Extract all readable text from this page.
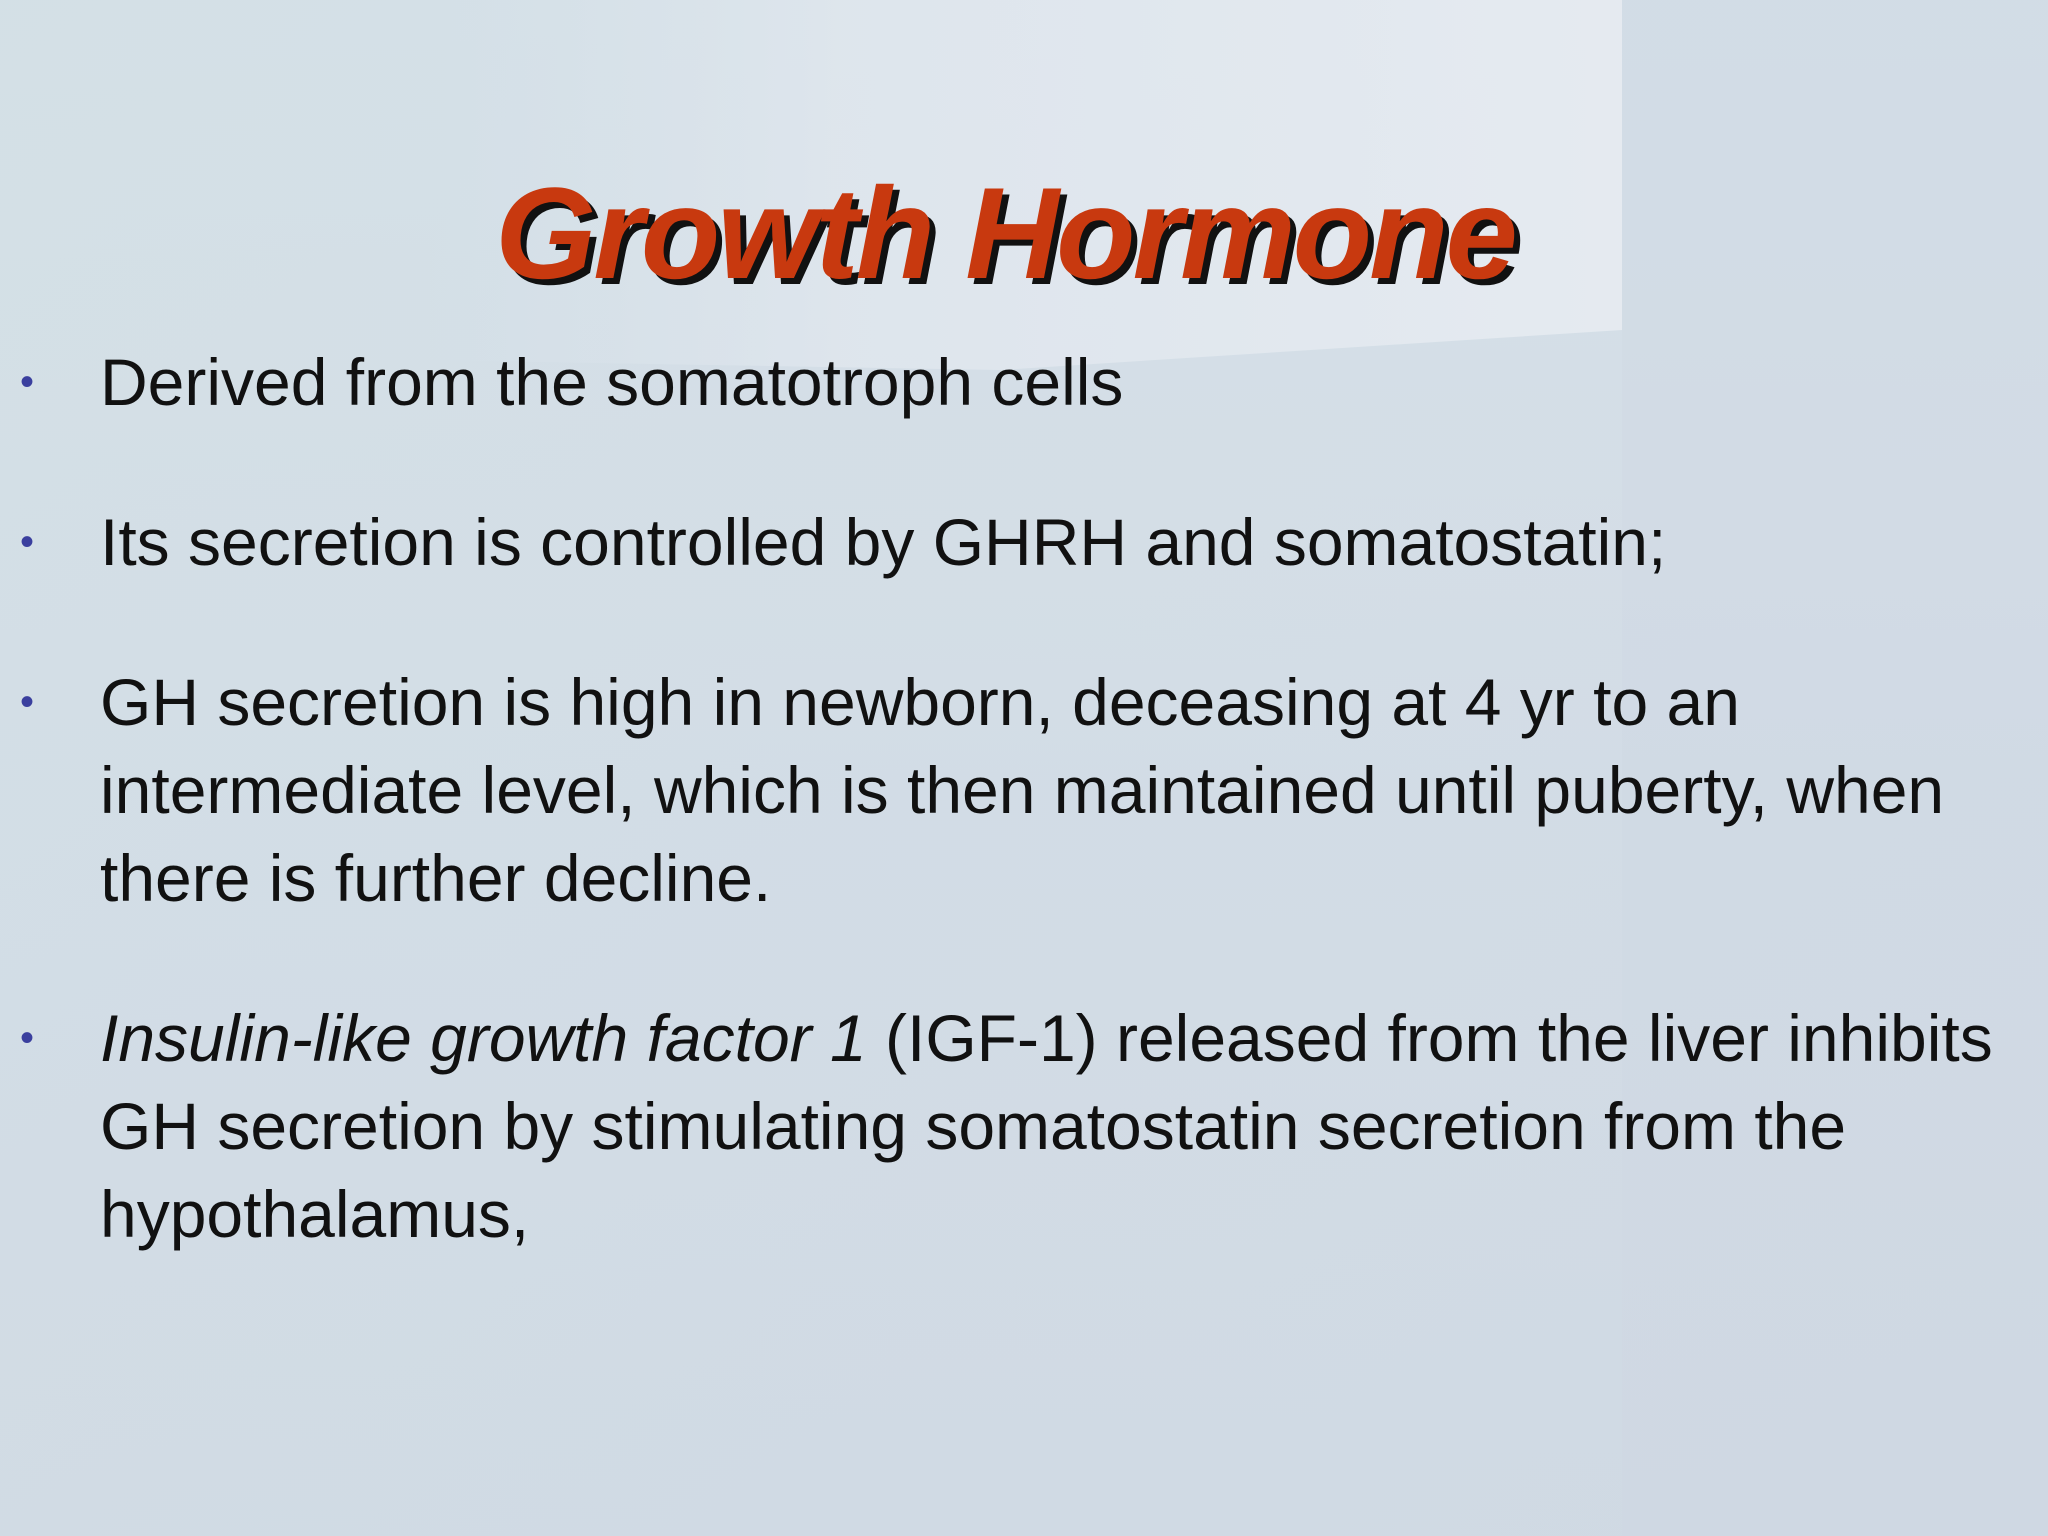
Growth Hormone
• Derived from the somatotroph cells
• Its secretion is controlled by GHRH and somatostatin;
• GH secretion is high in newborn, deceasing at 4 yr to an intermediate level, which is then maintained until puberty, when there is further decline.
• Insulin-like growth factor 1 (IGF-1) released from the liver inhibits GH secretion by stimulating somatostatin secretion from the hypothalamus,
